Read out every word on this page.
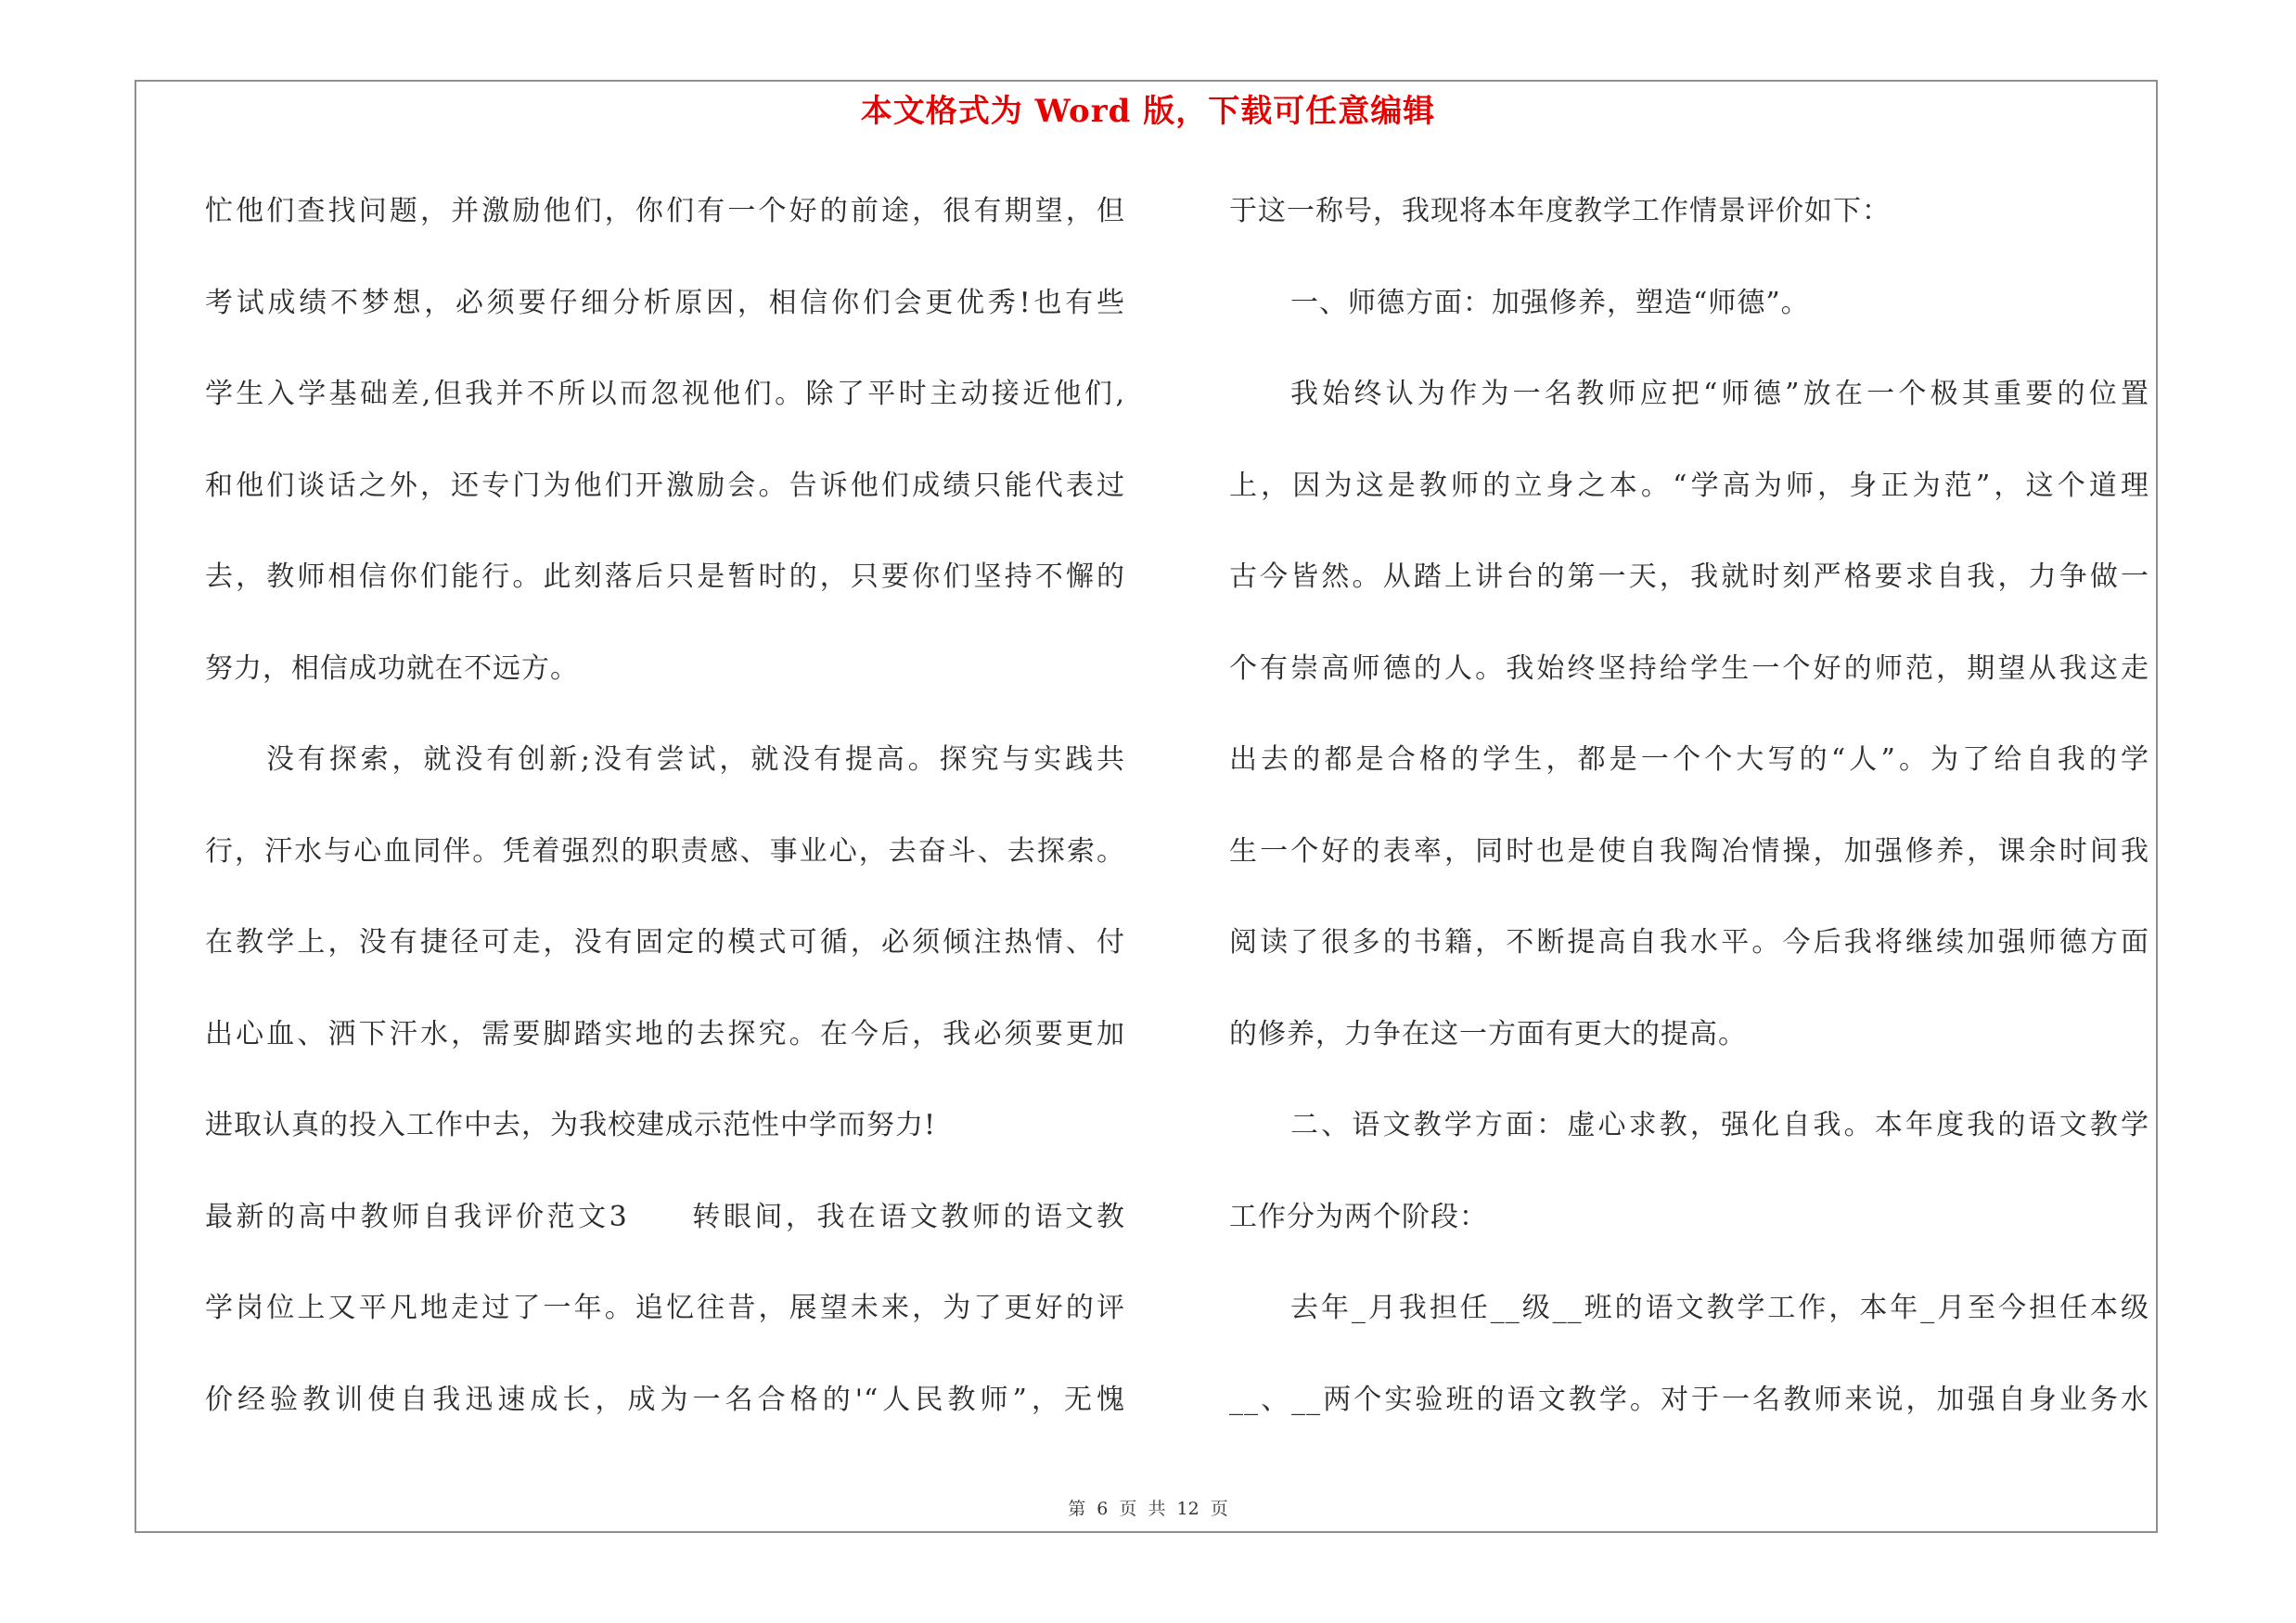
本文格式为 Word 版，下载可任意编辑
忙他们查找问题，并激励他们，你们有一个好的前途，很有期望，但
考试成绩不梦想，必须要仔细分析原因，相信你们会更优秀!也有些
学生入学基础差,但我并不所以而忽视他们。除了平时主动接近他们,
和他们谈话之外，还专门为他们开激励会。告诉他们成绩只能代表过
去，教师相信你们能行。此刻落后只是暂时的，只要你们坚持不懈的
努力，相信成功就在不远方。
没有探索，就没有创新;没有尝试，就没有提高。探究与实践共
行，汗水与心血同伴。凭着强烈的职责感、事业心，去奋斗、去探索。
在教学上，没有捷径可走，没有固定的模式可循，必须倾注热情、付
出心血、洒下汗水，需要脚踏实地的去探究。在今后，我必须要更加
进取认真的投入工作中去，为我校建成示范性中学而努力!
最新的高中教师自我评价范文3　　转眼间，我在语文教师的语文教
学岗位上又平凡地走过了一年。追忆往昔，展望未来，为了更好的评
价经验教训使自我迅速成长，成为一名合格的'“人民教师”，无愧
于这一称号，我现将本年度教学工作情景评价如下：
一、师德方面：加强修养，塑造“师德”。
我始终认为作为一名教师应把“师德”放在一个极其重要的位置
上，因为这是教师的立身之本。“学高为师，身正为范”，这个道理
古今皆然。从踏上讲台的第一天，我就时刻严格要求自我，力争做一
个有崇高师德的人。我始终坚持给学生一个好的师范，期望从我这走
出去的都是合格的学生，都是一个个大写的“人”。为了给自我的学
生一个好的表率，同时也是使自我陶冶情操，加强修养，课余时间我
阅读了很多的书籍，不断提高自我水平。今后我将继续加强师德方面
的修养，力争在这一方面有更大的提高。
二、语文教学方面：虚心求教，强化自我。本年度我的语文教学
工作分为两个阶段：
去年_月我担任__级__班的语文教学工作，本年_月至今担任本级
__、__两个实验班的语文教学。对于一名教师来说，加强自身业务水
第 6 页 共 12 页
